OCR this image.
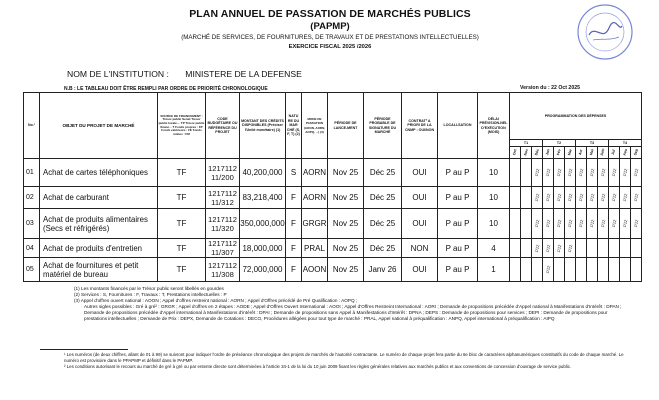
PLAN ANNUEL DE PASSATION DE MARCHÉS PUBLICS
(PAPMP)
(MARCHÉ DE SERVICES, DE FOURNITURES, DE TRAVAUX ET DE PRESTATIONS INTELLECTUELLES)
EXERCICE FISCAL 2025 /2026
NOM DE L'INSTITUTION : MINISTERE DE LA DEFENSE
N.B : LE TABLEAU DOIT ÊTRE REMPLI PAR ORDRE DE PRIORITÉ CHRONOLOGIQUE	Version du : 22 Oct 2025
No.¹	OBJET DU PROJET DE MARCHÉ	SOURCE DE FINANCEMENT : Trésor public Serait Tresor public locale.... TP Trésor public financ... T Fonds propres : FP Fonds extérieurs : FE Fonds mixtes : FM	CODE BUDGÉTAIRE OU RÉFÉRENCE DU PROJET	MONTANT DES CRÉDITS DISPONIBLES (Préciser l'Unité monétaire) (1)	NATU RE DU MAR CHÉ (S, F, T) (2)	MODE DE PASSATION (AOON, AORN, AOPQ, ...) (3)	PÉRIODE DE LANCE-MENT	PÉRIODE PROBABLE DE SIGNATURE DU MARCHÉ	CONTRAT² A PRIORI DE LA CNMP : OUI/NON	LOCALI-SATION	DÉLAI PRÉVISION-NEL D'EXÉCUTION (MOIS)	PROGRAMMATION DES DÉPENSES											
												T1			T2			T3			T4		
												Oct	Nov	Déc	Jan	Fév	Mar	Avr	Mai	Juin	Jul	Aou	Sep
01	Achat de cartes téléphoniques	TF	1217112 11/200	40,200,000	S	AORN	Nov 25	Déc 25	OUI	P au P	10			1/12	1/12	1/12	1/12	1/12	1/12	1/12	1/12	1/12	1/12
02	Achat de carburant	TF	1217112 11/312	83,218,400	F	AORN	Nov 25	Déc 25	OUI	P au P	10			1/12	1/12	1/12	1/12	1/12	1/12	1/12	1/12	1/12	1/12
03	Achat de produits alimentaires (Secs et réfrigérés)	TF	1217112 11/320	350,000,000	F	GRGR	Nov 25	Déc 25	OUI	P au P	10			1/12	1/12	1/12	1/12	1/12	1/12	1/12	1/12	1/12	1/12
04	Achat de produits d'entretien	TF	1217112 11/307	18,000,000	F	PRAL	Nov 25	Déc 25	NON	P au P	4			1/12	1/12	1/12	1/12						
05	Achat de fournitures et petit matériel de bureau	TF	1217112 11/308	72,000,000	F	AOON	Nov 25	Janv 26	OUI	P au P	1				1/12								
(1) Les montants financés par le Trésor public seront libellés en gourdes
(2) Services : S, Fournitures : F, Travaux : T, Prestations intellectuelles : P
(3) Appel d'offres ouvert national : AOON ; Appel d'offres restreint national : AORN ; Appel d'Offres précédé de Pré Qualification : AOPQ ;
Autres sigles possibles : Gré à gré² : GRGR ; Appel d'offres en 2 étapes : AODE ; Appel d'Offres Ouvert International : AOOI ; Appel d'Offres Restreint International : AORI ; Demande de propositions précédée d'Appel national à Manifestations d'Intérêt : DPAN ; Demande de propositions précédée d'Appel international à Manifestations d'intérêt : DPAI ; Demande de propositions sans Appel à Manifestations d'Intérêt : DPNA ; DEPS : Demande de propositions pour services ; DEPI : Demande de propositions pour prestations intellectuelles ; Demande de Prix : DEPX, Demande de Cotations : DECO, Procédures allégées pour tout type de marché : PRAL, Appel national à préqualification : ANPQ, Appel international à préqualification : AIPQ
¹ Les numéros (de deux chiffres, allant de 01 à 99) se suivront pour indiquer l'ordre de préséance chronologique des projets de marchés de l'autorité contractante. Le numéro de chaque projet fera partie du 6e bloc de caractères alphanumériques constitutifs du code de chaque marché. Le numéro est provisoire dans le PPAPMP et définitif dans le PAPMP.
² Les conditions autorisant le recours au marché de gré à gré ou par entente directe sont déterminées à l'article 34-1 de la loi du 10 juin 2009 fixant les règles générales relatives aux marchés publics et aux conventions de concession d'ouvrage de service public.
